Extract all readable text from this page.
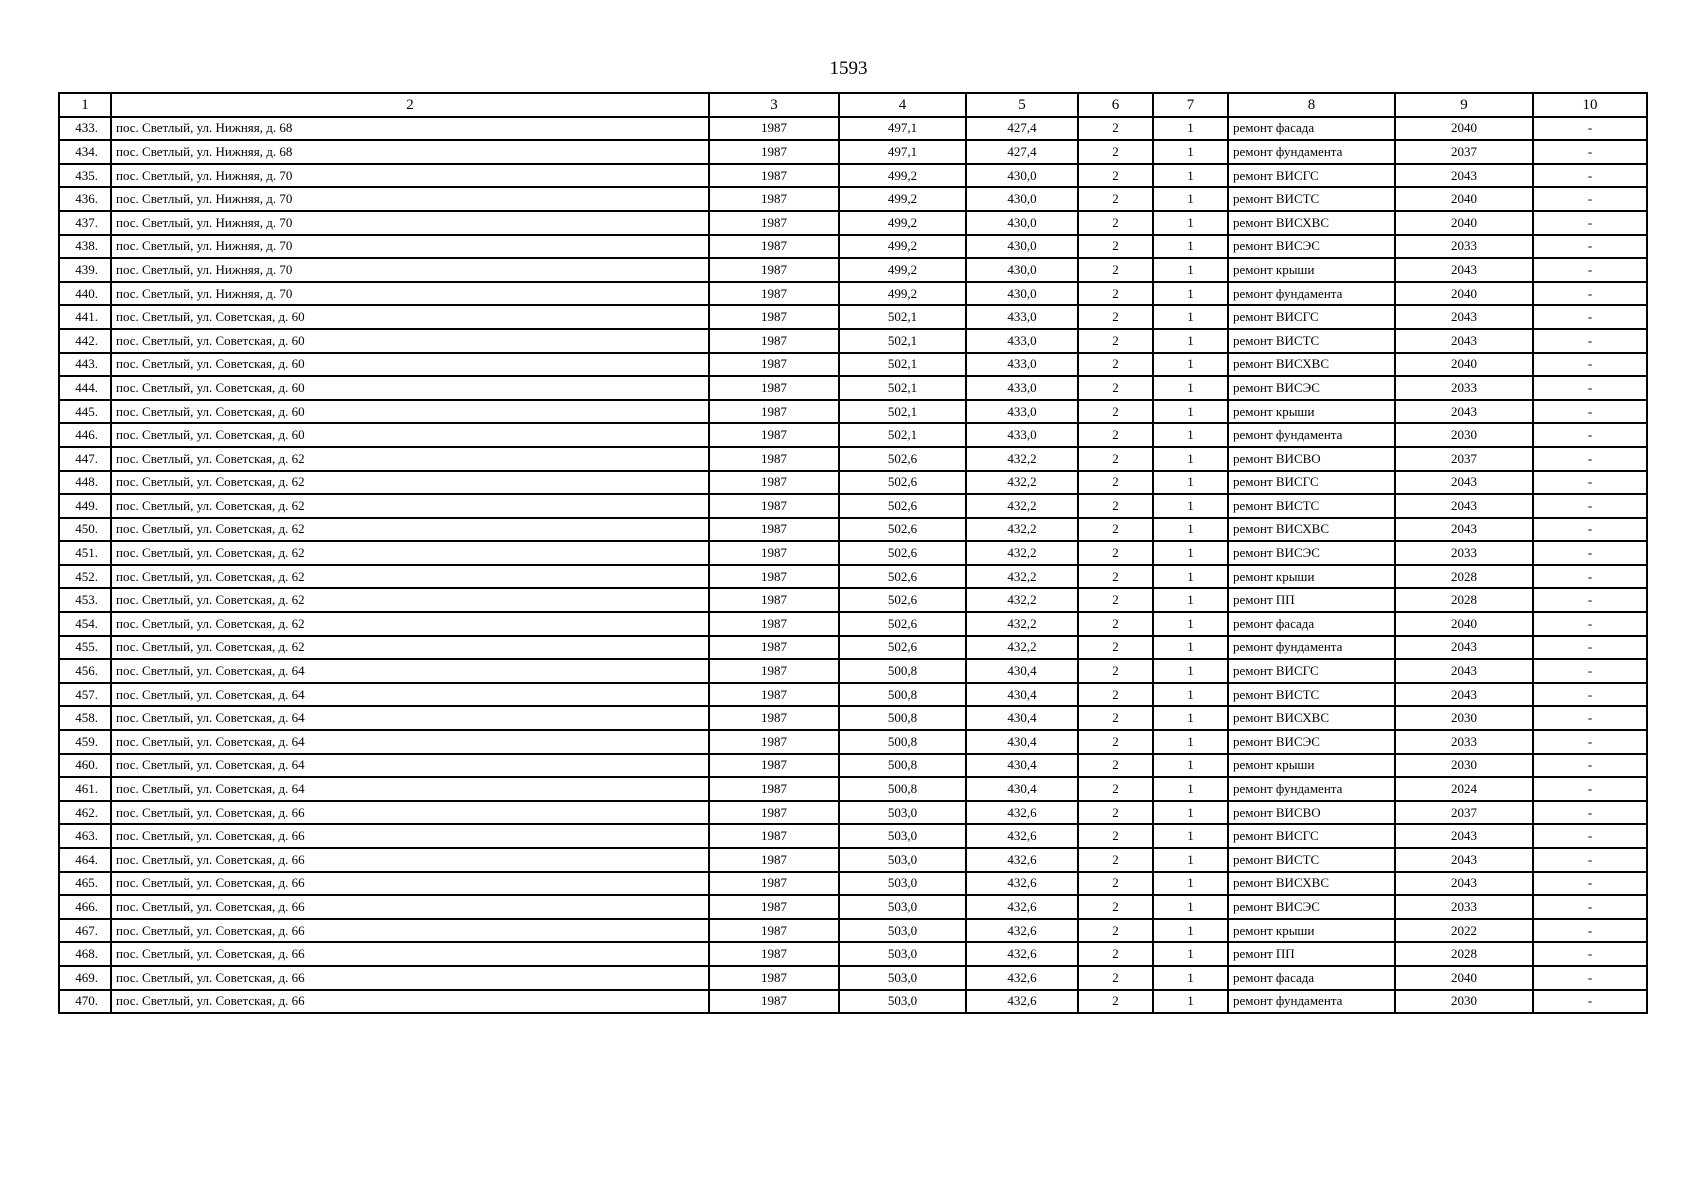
1593
1	2	3	4	5	6	7	8	9	10
433.	пос. Светлый, ул. Нижняя, д. 68	1987	497,1	427,4	2	1	ремонт фасада	2040	-
434.	пос. Светлый, ул. Нижняя, д. 68	1987	497,1	427,4	2	1	ремонт фундамента	2037	-
435.	пос. Светлый, ул. Нижняя, д. 70	1987	499,2	430,0	2	1	ремонт ВИСГС	2043	-
436.	пос. Светлый, ул. Нижняя, д. 70	1987	499,2	430,0	2	1	ремонт ВИСТС	2040	-
437.	пос. Светлый, ул. Нижняя, д. 70	1987	499,2	430,0	2	1	ремонт ВИСХВС	2040	-
438.	пос. Светлый, ул. Нижняя, д. 70	1987	499,2	430,0	2	1	ремонт ВИСЭС	2033	-
439.	пос. Светлый, ул. Нижняя, д. 70	1987	499,2	430,0	2	1	ремонт крыши	2043	-
440.	пос. Светлый, ул. Нижняя, д. 70	1987	499,2	430,0	2	1	ремонт фундамента	2040	-
441.	пос. Светлый, ул. Советская, д. 60	1987	502,1	433,0	2	1	ремонт ВИСГС	2043	-
442.	пос. Светлый, ул. Советская, д. 60	1987	502,1	433,0	2	1	ремонт ВИСТС	2043	-
443.	пос. Светлый, ул. Советская, д. 60	1987	502,1	433,0	2	1	ремонт ВИСХВС	2040	-
444.	пос. Светлый, ул. Советская, д. 60	1987	502,1	433,0	2	1	ремонт ВИСЭС	2033	-
445.	пос. Светлый, ул. Советская, д. 60	1987	502,1	433,0	2	1	ремонт крыши	2043	-
446.	пос. Светлый, ул. Советская, д. 60	1987	502,1	433,0	2	1	ремонт фундамента	2030	-
447.	пос. Светлый, ул. Советская, д. 62	1987	502,6	432,2	2	1	ремонт ВИСВО	2037	-
448.	пос. Светлый, ул. Советская, д. 62	1987	502,6	432,2	2	1	ремонт ВИСГС	2043	-
449.	пос. Светлый, ул. Советская, д. 62	1987	502,6	432,2	2	1	ремонт ВИСТС	2043	-
450.	пос. Светлый, ул. Советская, д. 62	1987	502,6	432,2	2	1	ремонт ВИСХВС	2043	-
451.	пос. Светлый, ул. Советская, д. 62	1987	502,6	432,2	2	1	ремонт ВИСЭС	2033	-
452.	пос. Светлый, ул. Советская, д. 62	1987	502,6	432,2	2	1	ремонт крыши	2028	-
453.	пос. Светлый, ул. Советская, д. 62	1987	502,6	432,2	2	1	ремонт ПП	2028	-
454.	пос. Светлый, ул. Советская, д. 62	1987	502,6	432,2	2	1	ремонт фасада	2040	-
455.	пос. Светлый, ул. Советская, д. 62	1987	502,6	432,2	2	1	ремонт фундамента	2043	-
456.	пос. Светлый, ул. Советская, д. 64	1987	500,8	430,4	2	1	ремонт ВИСГС	2043	-
457.	пос. Светлый, ул. Советская, д. 64	1987	500,8	430,4	2	1	ремонт ВИСТС	2043	-
458.	пос. Светлый, ул. Советская, д. 64	1987	500,8	430,4	2	1	ремонт ВИСХВС	2030	-
459.	пос. Светлый, ул. Советская, д. 64	1987	500,8	430,4	2	1	ремонт ВИСЭС	2033	-
460.	пос. Светлый, ул. Советская, д. 64	1987	500,8	430,4	2	1	ремонт крыши	2030	-
461.	пос. Светлый, ул. Советская, д. 64	1987	500,8	430,4	2	1	ремонт фундамента	2024	-
462.	пос. Светлый, ул. Советская, д. 66	1987	503,0	432,6	2	1	ремонт ВИСВО	2037	-
463.	пос. Светлый, ул. Советская, д. 66	1987	503,0	432,6	2	1	ремонт ВИСГС	2043	-
464.	пос. Светлый, ул. Советская, д. 66	1987	503,0	432,6	2	1	ремонт ВИСТС	2043	-
465.	пос. Светлый, ул. Советская, д. 66	1987	503,0	432,6	2	1	ремонт ВИСХВС	2043	-
466.	пос. Светлый, ул. Советская, д. 66	1987	503,0	432,6	2	1	ремонт ВИСЭС	2033	-
467.	пос. Светлый, ул. Советская, д. 66	1987	503,0	432,6	2	1	ремонт крыши	2022	-
468.	пос. Светлый, ул. Советская, д. 66	1987	503,0	432,6	2	1	ремонт ПП	2028	-
469.	пос. Светлый, ул. Советская, д. 66	1987	503,0	432,6	2	1	ремонт фасада	2040	-
470.	пос. Светлый, ул. Советская, д. 66	1987	503,0	432,6	2	1	ремонт фундамента	2030	-
